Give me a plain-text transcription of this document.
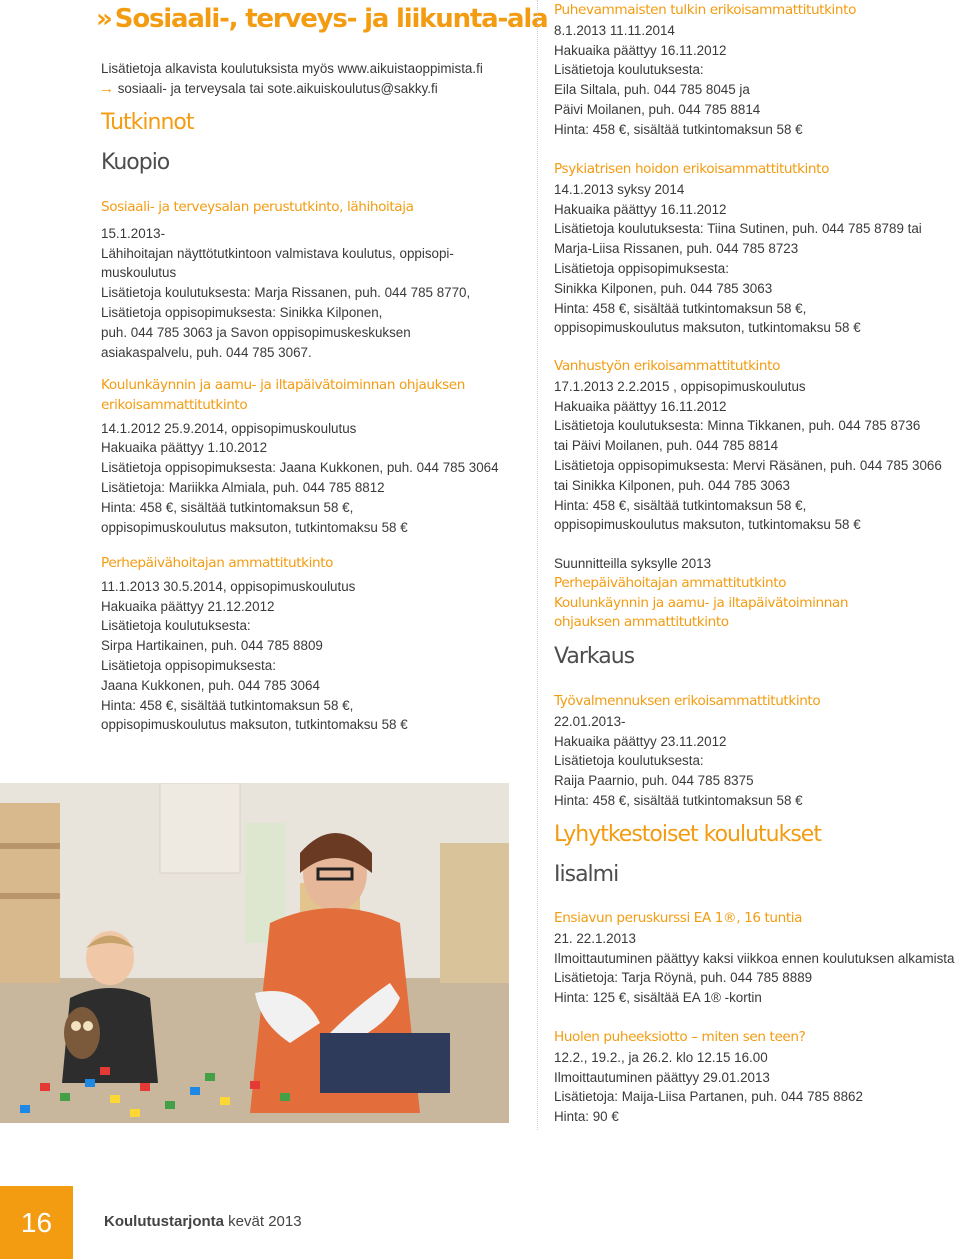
» Sosiaali-, terveys- ja liikunta-ala

Lisätietoja alkavista koulutuksista myös www.aikuistaoppimista.fi

→ sosiaali- ja terveysala tai sote.aikuiskoulutus@sakky.fi

Tutkinnot

Kuopio

Sosiaali- ja terveysalan perustutkinto, lähihoitaja

15.1.2013-

Lähihoitajan näyttötutkintoon valmistava koulutus, oppisopi-

muskoulutus

Lisätietoja koulutuksesta: Marja Rissanen, puh. 044 785 8770,

Lisätietoja oppisopimuksesta: Sinikka Kilponen,

puh. 044 785 3063 ja Savon oppisopimuskeskuksen

asiakaspalvelu, puh. 044 785 3067.

Koulunkäynnin ja aamu- ja iltapäivätoiminnan ohjauksen

erikoisammattitutkinto

14.1.2012 25.9.2014, oppisopimuskoulutus

Hakuaika päättyy 1.10.2012

Lisätietoja oppisopimuksesta: Jaana Kukkonen, puh. 044 785 3064

Lisätietoja: Mariikka Almiala, puh. 044 785 8812

Hinta: 458 €, sisältää tutkintomaksun 58 €,

oppisopimuskoulutus maksuton, tutkintomaksu 58 €

Perhepäivähoitajan ammattitutkinto

11.1.2013 30.5.2014, oppisopimuskoulutus

Hakuaika päättyy 21.12.2012

Lisätietoja koulutuksesta:

Sirpa Hartikainen, puh. 044 785 8809

Lisätietoja oppisopimuksesta:

Jaana Kukkonen, puh. 044 785 3064

Hinta: 458 €, sisältää tutkintomaksun 58 €,

oppisopimuskoulutus maksuton, tutkintomaksu 58 €

Puhevammaisten tulkin erikoisammattitutkinto

8.1.2013 11.11.2014

Hakuaika päättyy 16.11.2012

Lisätietoja koulutuksesta:

Eila Siltala, puh. 044 785 8045 ja

Päivi Moilanen, puh. 044 785 8814

Hinta: 458 €, sisältää tutkintomaksun 58 €

Psykiatrisen hoidon erikoisammattitutkinto

14.1.2013 syksy 2014

Hakuaika päättyy 16.11.2012

Lisätietoja koulutuksesta: Tiina Sutinen, puh. 044 785 8789 tai

Marja-Liisa Rissanen, puh. 044 785 8723

Lisätietoja oppisopimuksesta:

Sinikka Kilponen, puh. 044 785 3063

Hinta: 458 €, sisältää tutkintomaksun 58 €,

oppisopimuskoulutus maksuton, tutkintomaksu 58 €

Vanhustyön erikoisammattitutkinto

17.1.2013 2.2.2015 , oppisopimuskoulutus

Hakuaika päättyy 16.11.2012

Lisätietoja koulutuksesta: Minna Tikkanen, puh. 044 785 8736

tai Päivi Moilanen, puh. 044 785 8814

Lisätietoja oppisopimuksesta: Mervi Räsänen, puh. 044 785 3066

tai Sinikka Kilponen, puh. 044 785 3063

Hinta: 458 €, sisältää tutkintomaksun 58 €,

oppisopimuskoulutus maksuton, tutkintomaksu 58 €

Suunnitteilla syksylle 2013

Perhepäivähoitajan ammattitutkinto

Koulunkäynnin ja aamu- ja iltapäivätoiminnan

ohjauksen ammattitutkinto

Varkaus

Työvalmennuksen erikoisammattitutkinto

22.01.2013-

Hakuaika päättyy 23.11.2012

Lisätietoja koulutuksesta:

Raija Paarnio, puh. 044 785 8375

Hinta: 458 €, sisältää tutkintomaksun 58 €

Lyhytkestoiset koulutukset

Iisalmi

Ensiavun peruskurssi EA 1®, 16 tuntia

21. 22.1.2013

Ilmoittautuminen päättyy kaksi viikkoa ennen koulutuksen alkamista

Lisätietoja: Tarja Röynä, puh. 044 785 8889

Hinta: 125 €, sisältää EA 1® -kortin

Huolen puheeksiotto – miten sen teen?

12.2., 19.2., ja 26.2. klo 12.15 16.00

Ilmoittautuminen päättyy 29.01.2013

Lisätietoja: Maija-Liisa Partanen, puh. 044 785 8862

Hinta: 90 €

16	Koulutustarjonta kevät 2013
